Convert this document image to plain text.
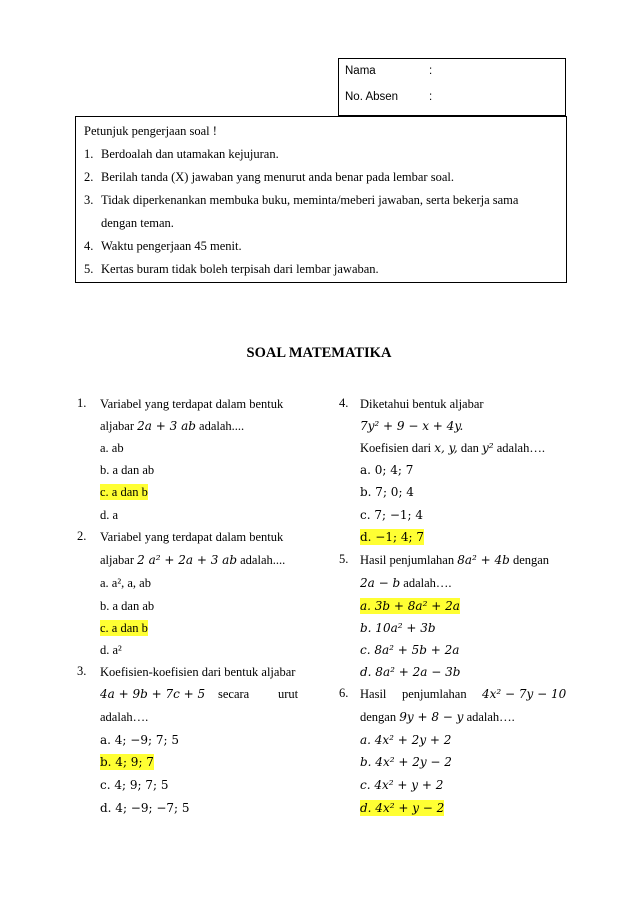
Nama	:
No. Absen	:
Petunjuk pengerjaan soal !
1. Berdoalah dan utamakan kejujuran.
2. Berilah tanda (X) jawaban yang menurut anda benar pada lembar soal.
3. Tidak diperkenankan membuka buku, meminta/meberi jawaban, serta bekerja sama
dengan teman.
4. Waktu pengerjaan 45 menit.
5. Kertas buram tidak boleh terpisah dari lembar jawaban.
SOAL MATEMATIKA
1.	Variabel yang terdapat dalam bentuk
aljabar 2a + 3 ab adalah....
a. ab
b. a dan ab
c. a dan b
d. a
2.	Variabel yang terdapat dalam bentuk
aljabar 2 a² + 2a + 3 ab adalah....
a. a², a, ab
b. a dan ab
c. a dan b
d. a²
3.	Koefisien-koefisien dari bentuk aljabar
4a + 9b + 7c + 5 secara urut
adalah….
a. 4; −9; 7; 5
b. 4; 9; 7
c. 4; 9; 7; 5
d. 4; −9; −7; 5
4. Diketahui bentuk aljabar
7y² + 9 − x + 4y.
Koefisien dari x, y, dan y² adalah….
a. 0; 4; 7
b. 7; 0; 4
c. 7; −1; 4
d. −1; 4; 7
5. Hasil penjumlahan 8a² + 4b dengan
2a − b adalah….
a. 3b + 8a² + 2a
b. 10a² + 3b
c. 8a² + 5b + 2a
d. 8a² + 2a − 3b
6. Hasil penjumlahan 4x² − 7y − 10
dengan 9y + 8 − y adalah….
a. 4x² + 2y + 2
b. 4x² + 2y − 2
c. 4x² + y + 2
d. 4x² + y − 2
